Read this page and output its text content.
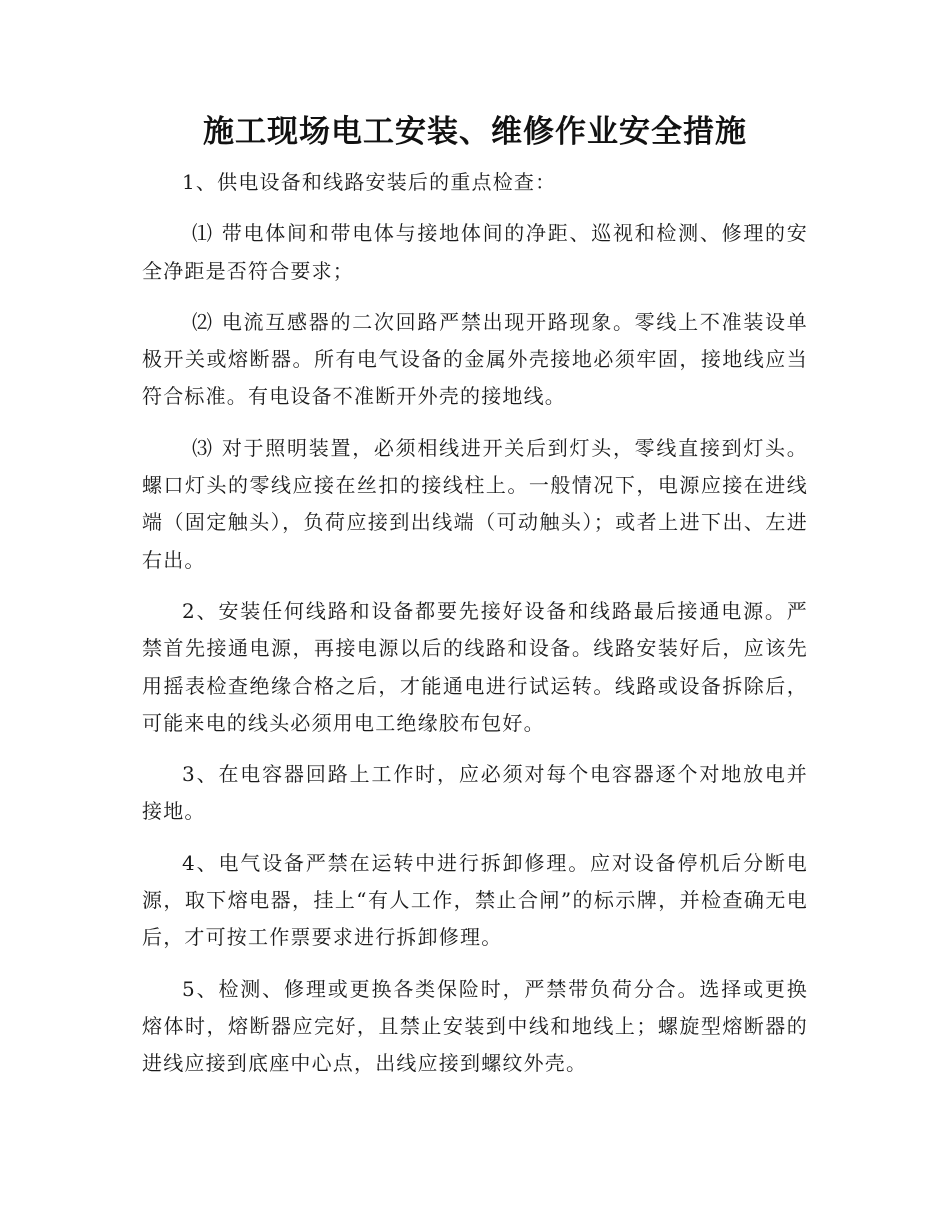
施工现场电工安装、维修作业安全措施

1、供电设备和线路安装后的重点检查：

⑴ 带电体间和带电体与接地体间的净距、巡视和检测、修理的安全净距是否符合要求；

⑵ 电流互感器的二次回路严禁出现开路现象。零线上不准装设单极开关或熔断器。所有电气设备的金属外壳接地必须牢固，接地线应当符合标准。有电设备不准断开外壳的接地线。

⑶ 对于照明装置，必须相线进开关后到灯头，零线直接到灯头。螺口灯头的零线应接在丝扣的接线柱上。一般情况下，电源应接在进线端（固定触头），负荷应接到出线端（可动触头）；或者上进下出、左进右出。

2、安装任何线路和设备都要先接好设备和线路最后接通电源。严禁首先接通电源，再接电源以后的线路和设备。线路安装好后，应该先用摇表检查绝缘合格之后，才能通电进行试运转。线路或设备拆除后，可能来电的线头必须用电工绝缘胶布包好。

3、在电容器回路上工作时，应必须对每个电容器逐个对地放电并接地。

4、电气设备严禁在运转中进行拆卸修理。应对设备停机后分断电源，取下熔电器，挂上“有人工作，禁止合闸”的标示牌，并检查确无电后，才可按工作票要求进行拆卸修理。

5、检测、修理或更换各类保险时，严禁带负荷分合。选择或更换熔体时，熔断器应完好，且禁止安装到中线和地线上；螺旋型熔断器的进线应接到底座中心点，出线应接到螺纹外壳。
